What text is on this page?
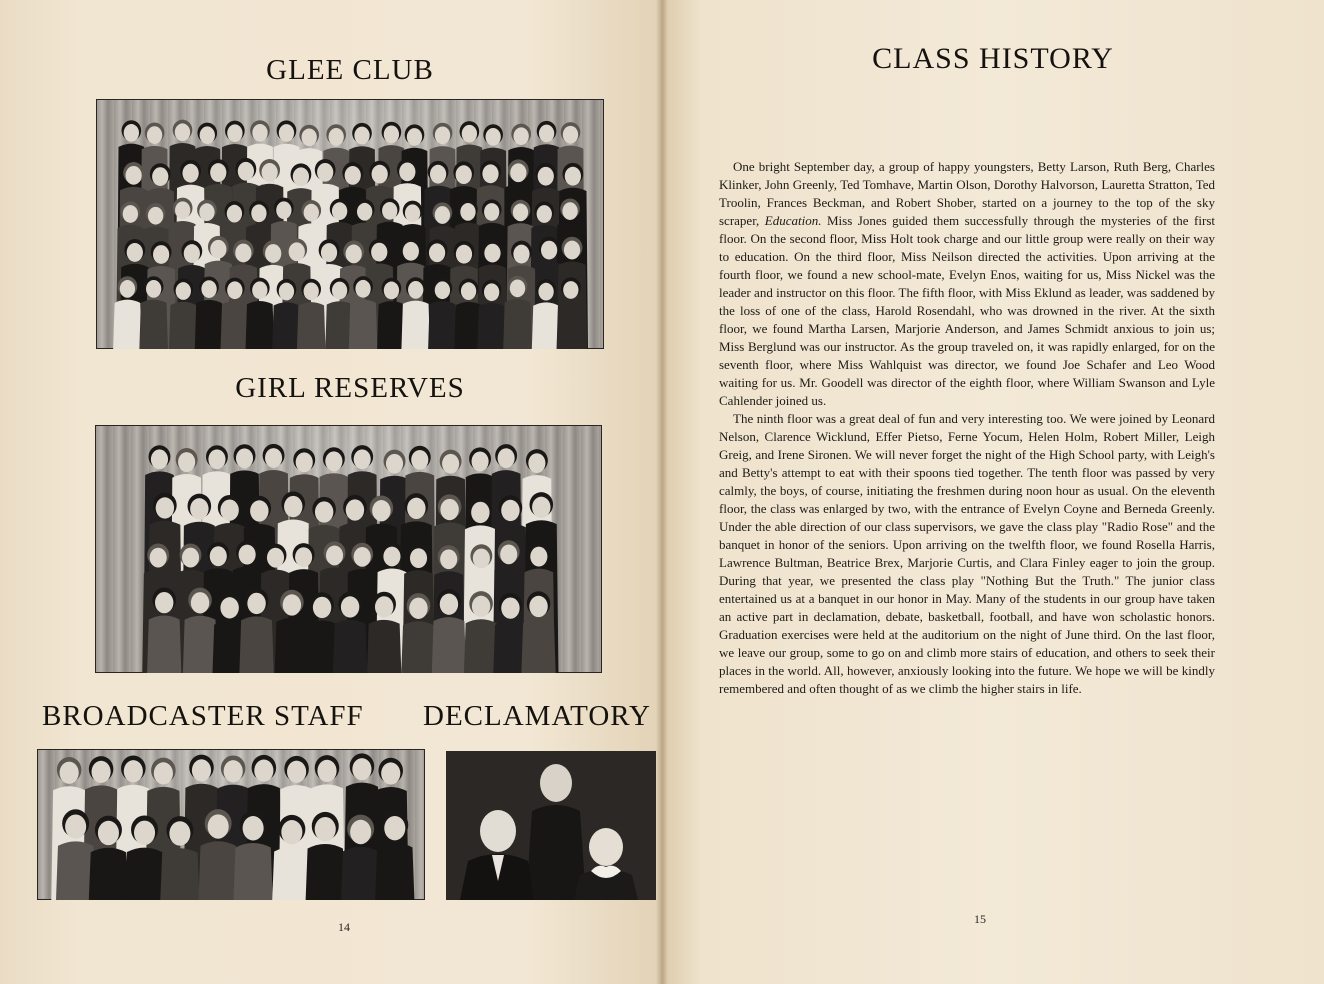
GLEE CLUB
GIRL RESERVES
BROADCASTER STAFF DECLAMATORY
14
CLASS HISTORY

One bright September day, a group of happy youngsters, Betty Larson, Ruth Berg, Charles Klinker, John Greenly, Ted Tomhave, Martin Olson, Dorothy Halvorson, Lauretta Stratton, Ted Troolin, Frances Beckman, and Robert Shober, started on a journey to the top of the sky scraper, Education. Miss Jones guided them successfully through the mysteries of the first floor. On the second floor, Miss Holt took charge and our little group were really on their way to education. On the third floor, Miss Neilson directed the activities. Upon arriving at the fourth floor, we found a new school-mate, Evelyn Enos, waiting for us, Miss Nickel was the leader and instructor on this floor. The fifth floor, with Miss Eklund as leader, was saddened by the loss of one of the class, Harold Rosendahl, who was drowned in the river. At the sixth floor, we found Martha Larsen, Marjorie Anderson, and James Schmidt anxious to join us; Miss Berglund was our instructor. As the group traveled on, it was rapidly enlarged, for on the seventh floor, where Miss Wahlquist was director, we found Joe Schafer and Leo Wood waiting for us. Mr. Goodell was director of the eighth floor, where William Swanson and Lyle Cahlender joined us.

The ninth floor was a great deal of fun and very interesting too. We were joined by Leonard Nelson, Clarence Wicklund, Effer Pietso, Ferne Yocum, Helen Holm, Robert Miller, Leigh Greig, and Irene Sironen. We will never forget the night of the High School party, with Leigh's and Betty's attempt to eat with their spoons tied together. The tenth floor was passed by very calmly, the boys, of course, initiating the freshmen during noon hour as usual. On the eleventh floor, the class was enlarged by two, with the entrance of Evelyn Coyne and Berneda Greenly. Under the able direction of our class supervisors, we gave the class play "Radio Rose" and the banquet in honor of the seniors. Upon arriving on the twelfth floor, we found Rosella Harris, Lawrence Bultman, Beatrice Brex, Marjorie Curtis, and Clara Finley eager to join the group. During that year, we presented the class play "Nothing But the Truth." The junior class entertained us at a banquet in our honor in May. Many of the students in our group have taken an active part in declamation, debate, basketball, football, and have won scholastic honors. Graduation exercises were held at the auditorium on the night of June third. On the last floor, we leave our group, some to go on and climb more stairs of education, and others to seek their places in the world. All, however, anxiously looking into the future. We hope we will be kindly remembered and often thought of as we climb the higher stairs in life.

15
